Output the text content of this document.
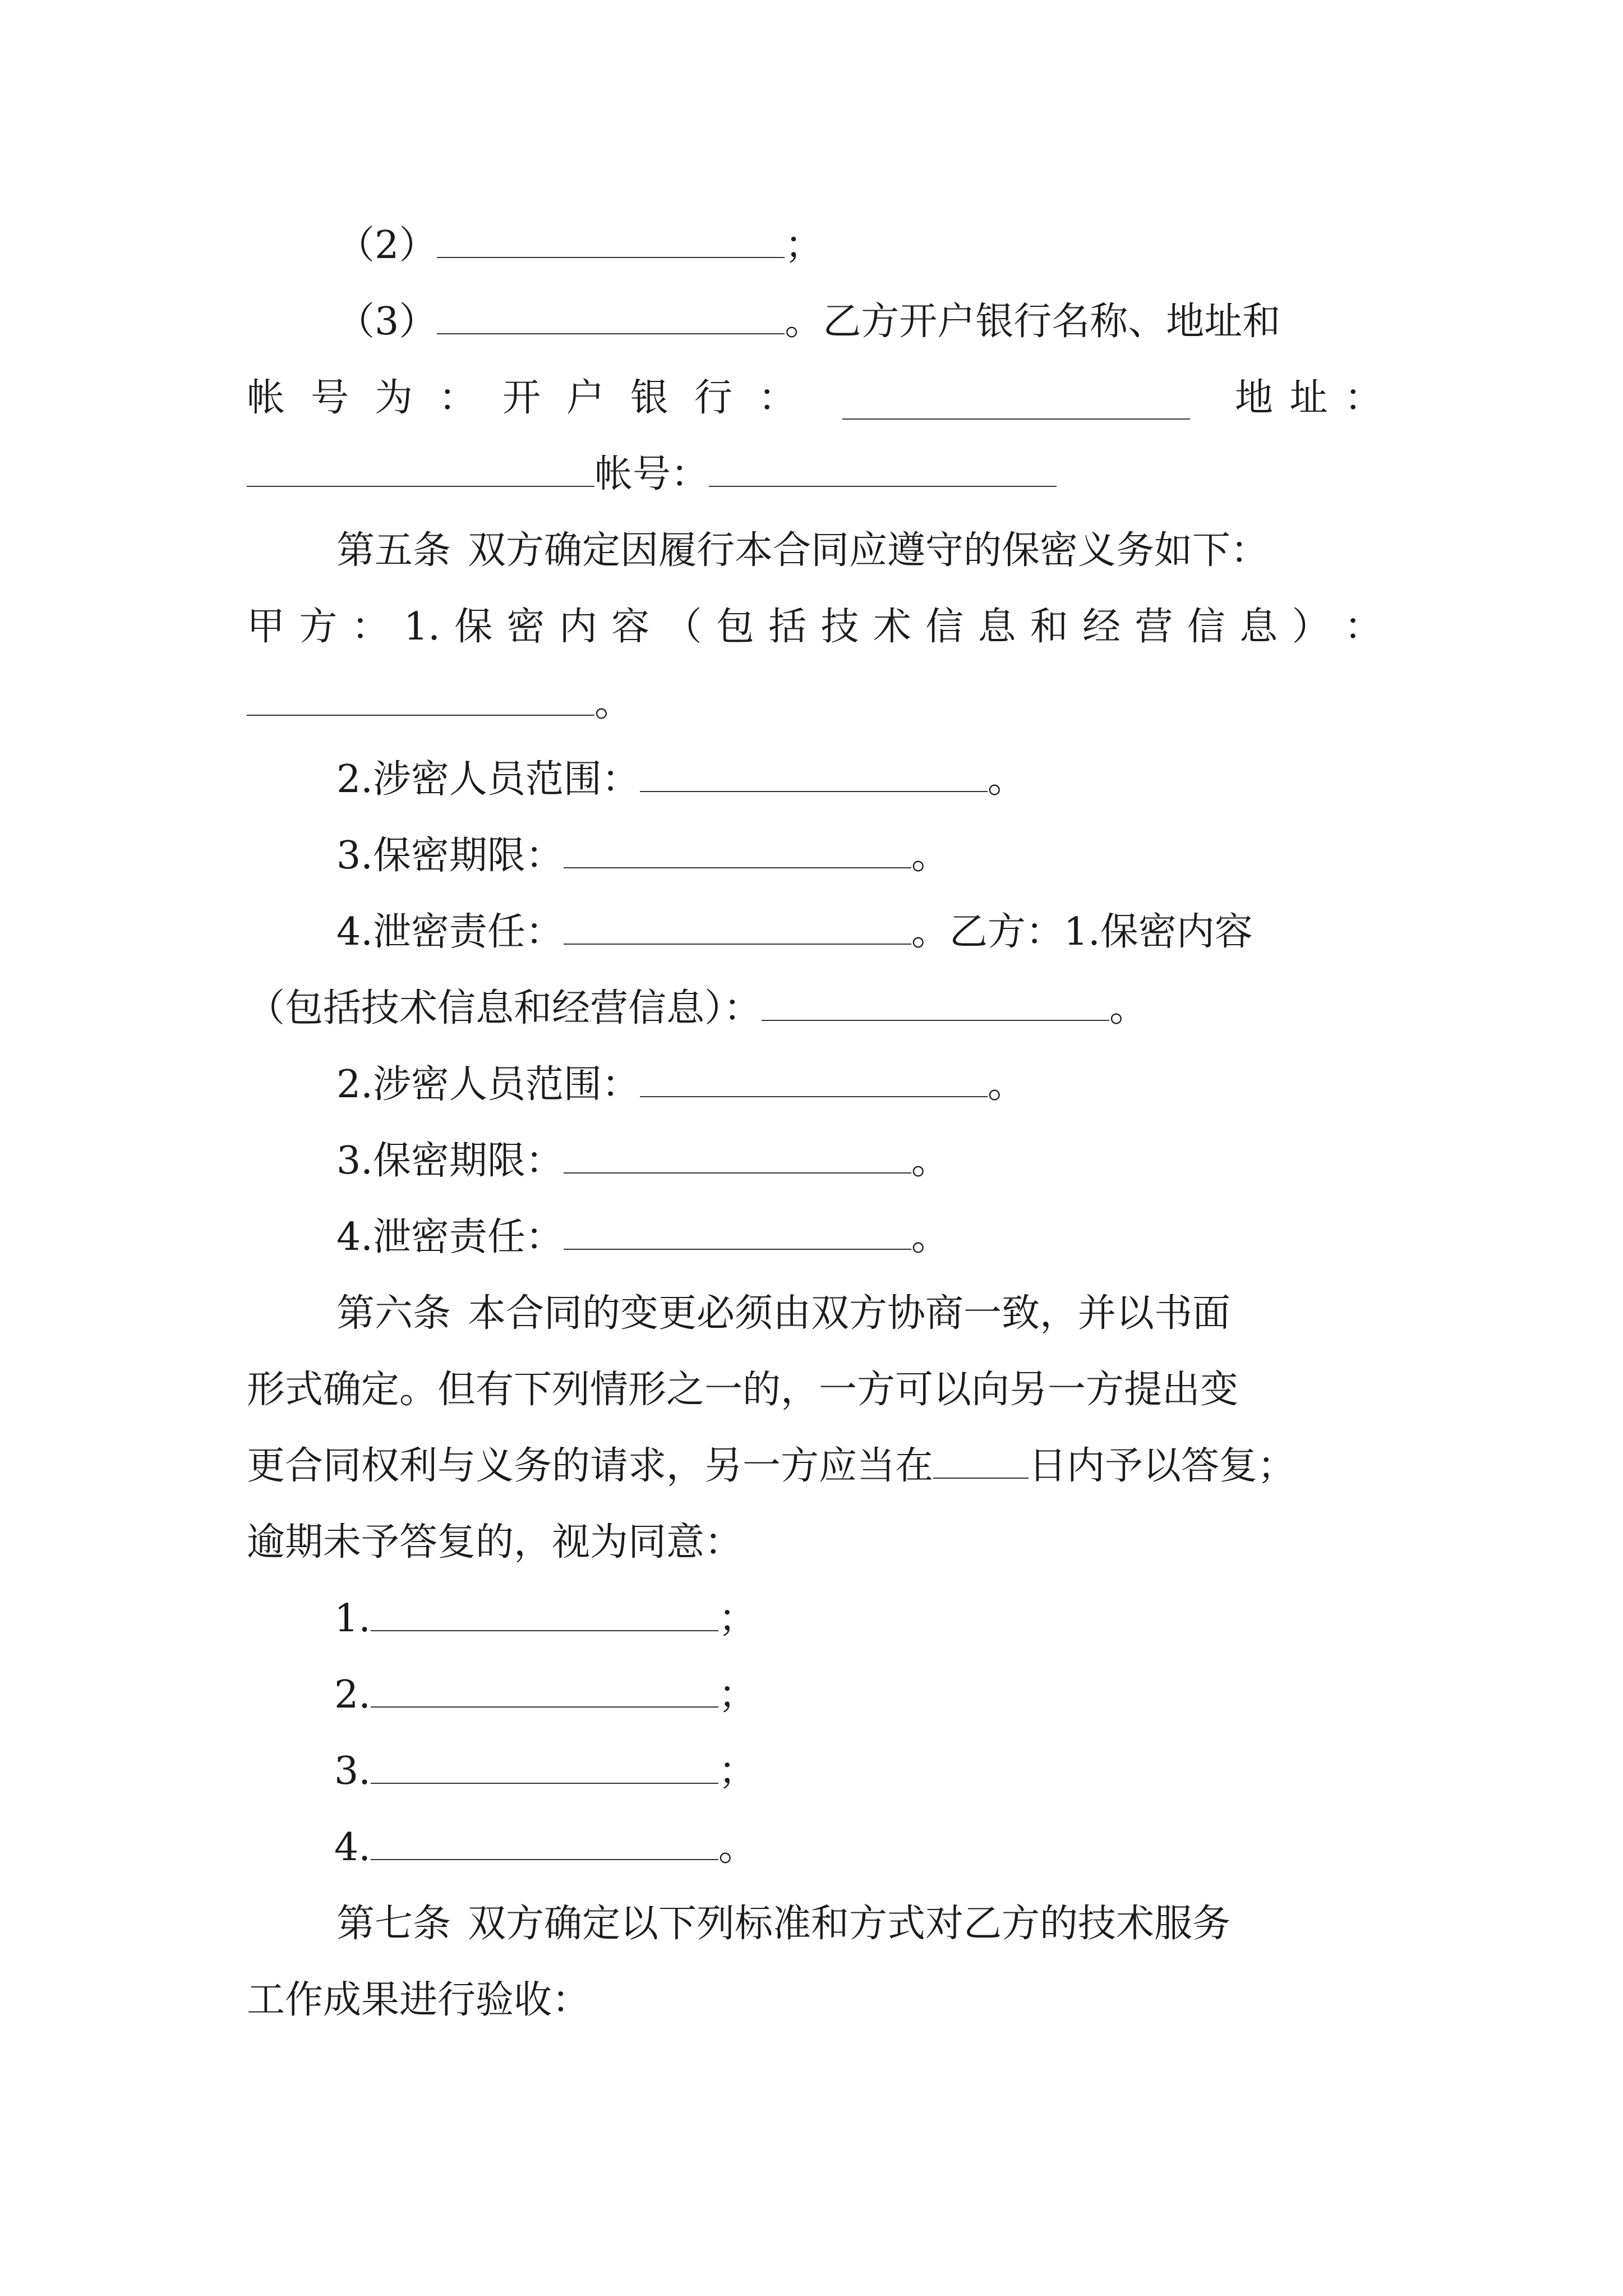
（2）	；
（3）	。乙方开户银行名称、地址和
帐 号 为 ： 开 户 银 行 ：	地 址 ：
帐号：
第五条 双方确定因履行本合同应遵守的保密义务如下：
甲 方 ： 1. 保 密 内 容 （ 包 括 技 术 信 息 和 经 营 信 息 ） ：
。
2.涉密人员范围：	。
3.保密期限：	。
4.泄密责任：	。乙方：1.保密内容
（包括技术信息和经营信息）：	。
2.涉密人员范围：	。
3.保密期限：	。
4.泄密责任：	。
第六条 本合同的变更必须由双方协商一致，并以书面
形式确定。但有下列情形之一的，一方可以向另一方提出变
更合同权利与义务的请求，另一方应当在	日内予以答复；
逾期未予答复的，视为同意：
1.	；
2.	；
3.	；
4.	。
第七条 双方确定以下列标准和方式对乙方的技术服务
工作成果进行验收：
